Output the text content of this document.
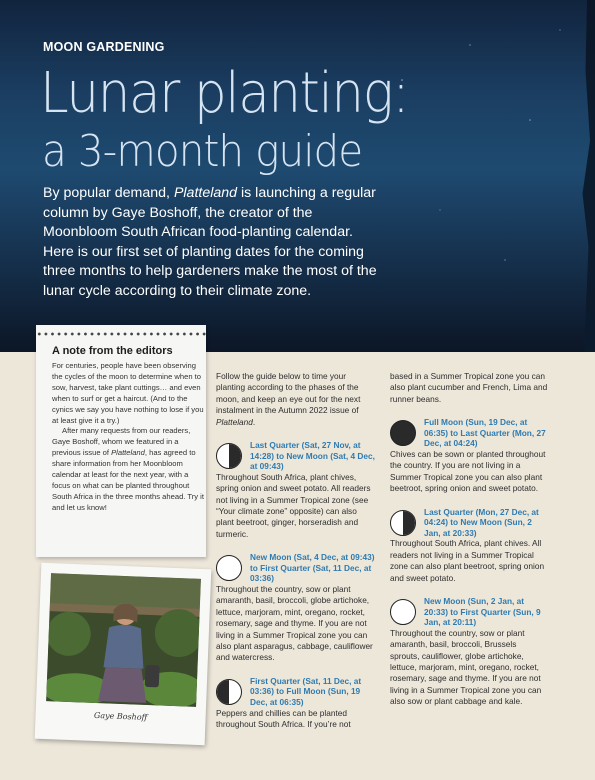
MOON GARDENING
Lunar planting:
a 3-month guide
By popular demand, Platteland is launching a regular column by Gaye Boshoff, the creator of the Moonbloom South African food-planting calendar. Here is our first set of planting dates for the coming three months to help gardeners make the most of the lunar cycle according to their climate zone.
A note from the editors

For centuries, people have been observing the cycles of the moon to determine when to sow, harvest, take plant cuttings… and even when to surf or get a haircut. (And to the cynics we say you have nothing to lose if you at least give it a try.)
After many requests from our readers, Gaye Boshoff, whom we featured in a previous issue of Platteland, has agreed to share information from her Moonbloom calendar at least for the next year, with a focus on what can be planted throughout South Africa in the three months ahead. Try it and let us know!

Gaye Boshoff

Follow the guide below to time your planting according to the phases of the moon, and keep an eye out for the next instalment in the Autumn 2022 issue of Platteland.

Last Quarter (Sat, 27 Nov, at 14:28) to New Moon (Sat, 4 Dec, at 09:43)

Throughout South Africa, plant chives, spring onion and sweet potato. All readers not living in a Summer Tropical zone (see “Your climate zone” opposite) can also plant beetroot, ginger, horseradish and turmeric.

New Moon (Sat, 4 Dec, at 09:43) to First Quarter (Sat, 11 Dec, at 03:36)

Throughout the country, sow or plant amaranth, basil, broccoli, globe artichoke, lettuce, marjoram, mint, oregano, rocket, rosemary, sage and thyme. If you are not living in a Summer Tropical zone you can also plant asparagus, cabbage, cauliflower and watercress.

First Quarter (Sat, 11 Dec, at 03:36) to Full Moon (Sun, 19 Dec, at 06:35)

Peppers and chillies can be planted throughout South Africa. If you’re not

based in a Summer Tropical zone you can also plant cucumber and French, Lima and runner beans.

Full Moon (Sun, 19 Dec, at 06:35) to Last Quarter (Mon, 27 Dec, at 04:24)

Chives can be sown or planted throughout the country. If you are not living in a Summer Tropical zone you can also plant beetroot, spring onion and sweet potato.

Last Quarter (Mon, 27 Dec, at 04:24) to New Moon (Sun, 2 Jan, at 20:33)

Throughout South Africa, plant chives. All readers not living in a Summer Tropical zone can also plant beetroot, spring onion and sweet potato.

New Moon (Sun, 2 Jan, at 20:33) to First Quarter (Sun, 9 Jan, at 20:11)

Throughout the country, sow or plant amaranth, basil, broccoli, Brussels sprouts, cauliflower, globe artichoke, lettuce, marjoram, mint, oregano, rocket, rosemary, sage and thyme. If you are not living in a Summer Tropical zone you can also sow or plant cabbage and kale.
